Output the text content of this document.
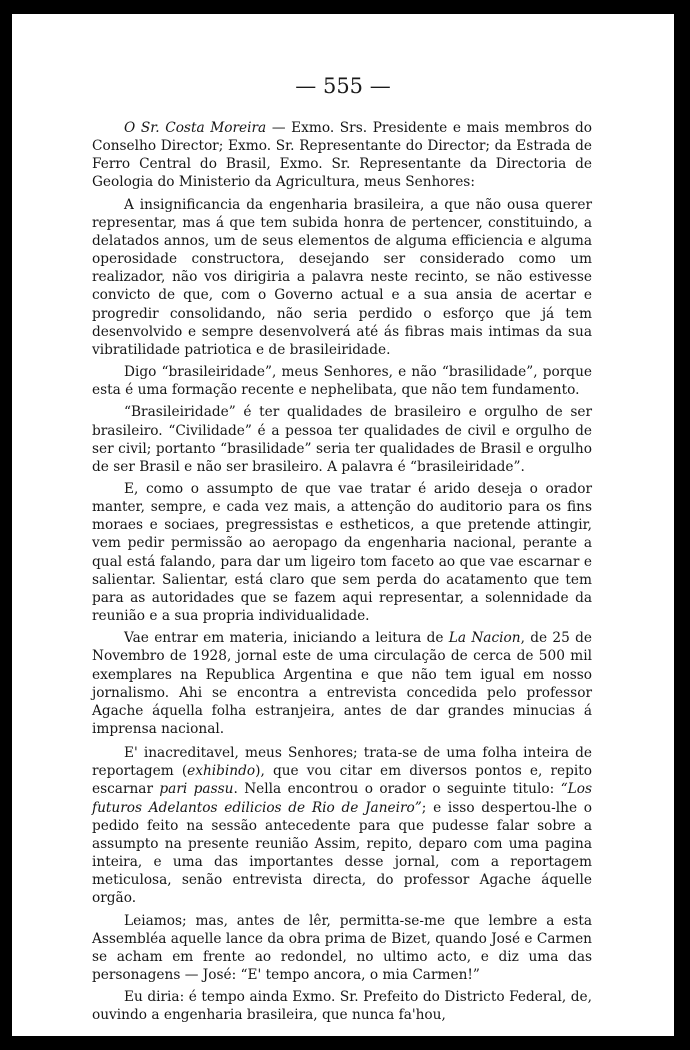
— 555 —

O Sr. Costa Moreira — Exmo. Srs. Presidente e mais membros do Conselho Director; Exmo. Sr. Representante do Director; da Estrada de Ferro Central do Brasil, Exmo. Sr. Representante da Directoria de Geologia do Ministerio da Agricultura, meus Senhores:

A insignificancia da engenharia brasileira, a que não ousa querer representar, mas á que tem subida honra de pertencer, constituindo, a delatados annos, um de seus elementos de alguma efficiencia e alguma operosidade constructora, desejando ser considerado como um realizador, não vos dirigiria a palavra neste recinto, se não estivesse convicto de que, com o Governo actual e a sua ansia de acertar e progredir consolidando, não seria perdido o esforço que já tem desenvolvido e sempre desenvolverá até ás fibras mais intimas da sua vibratilidade patriotica e de brasileiridade.

Digo “brasileiridade”, meus Senhores, e não “brasilidade”, porque esta é uma formação recente e nephelibata, que não tem fundamento.

“Brasileiridade” é ter qualidades de brasileiro e orgulho de ser brasileiro. “Civilidade” é a pessoa ter qualidades de civil e orgulho de ser civil; portanto “brasilidade” seria ter qualidades de Brasil e orgulho de ser Brasil e não ser brasileiro. A palavra é “brasileiridade”.

E, como o assumpto de que vae tratar é arido deseja o orador manter, sempre, e cada vez mais, a attenção do auditorio para os fins moraes e sociaes, pregressistas e estheticos, a que pretende attingir, vem pedir permissão ao aeropago da engenharia nacional, perante a qual está falando, para dar um ligeiro tom faceto ao que vae escarnar e salientar. Salientar, está claro que sem perda do acatamento que tem para as autoridades que se fazem aqui representar, a solennidade da reunião e a sua propria individualidade.

Vae entrar em materia, iniciando a leitura de La Nacion, de 25 de Novembro de 1928, jornal este de uma circulação de cerca de 500 mil exemplares na Republica Argentina e que não tem igual em nosso jornalismo. Ahi se encontra a entrevista concedida pelo professor Agache áquella folha estranjeira, antes de dar grandes minucias á imprensa nacional.

E' inacreditavel, meus Senhores; trata-se de uma folha inteira de reportagem (exhibindo), que vou citar em diversos pontos e, repito escarnar pari passu. Nella encontrou o orador o seguinte titulo: “Los futuros Adelantos edilicios de Rio de Janeiro”; e isso despertou-lhe o pedido feito na sessão antecedente para que pudesse falar sobre a assumpto na presente reunião Assim, repito, deparo com uma pagina inteira, e uma das importantes desse jornal, com a reportagem meticulosa, senão entrevista directa, do professor Agache áquelle orgão.

Leiamos; mas, antes de lêr, permitta-se-me que lembre a esta Assembléa aquelle lance da obra prima de Bizet, quando José e Carmen se acham em frente ao redondel, no ultimo acto, e diz uma das personagens — José: “E' tempo ancora, o mia Carmen!”

Eu diria: é tempo ainda Exmo. Sr. Prefeito do Districto Federal, de, ouvindo a engenharia brasileira, que nunca fa'hou,
